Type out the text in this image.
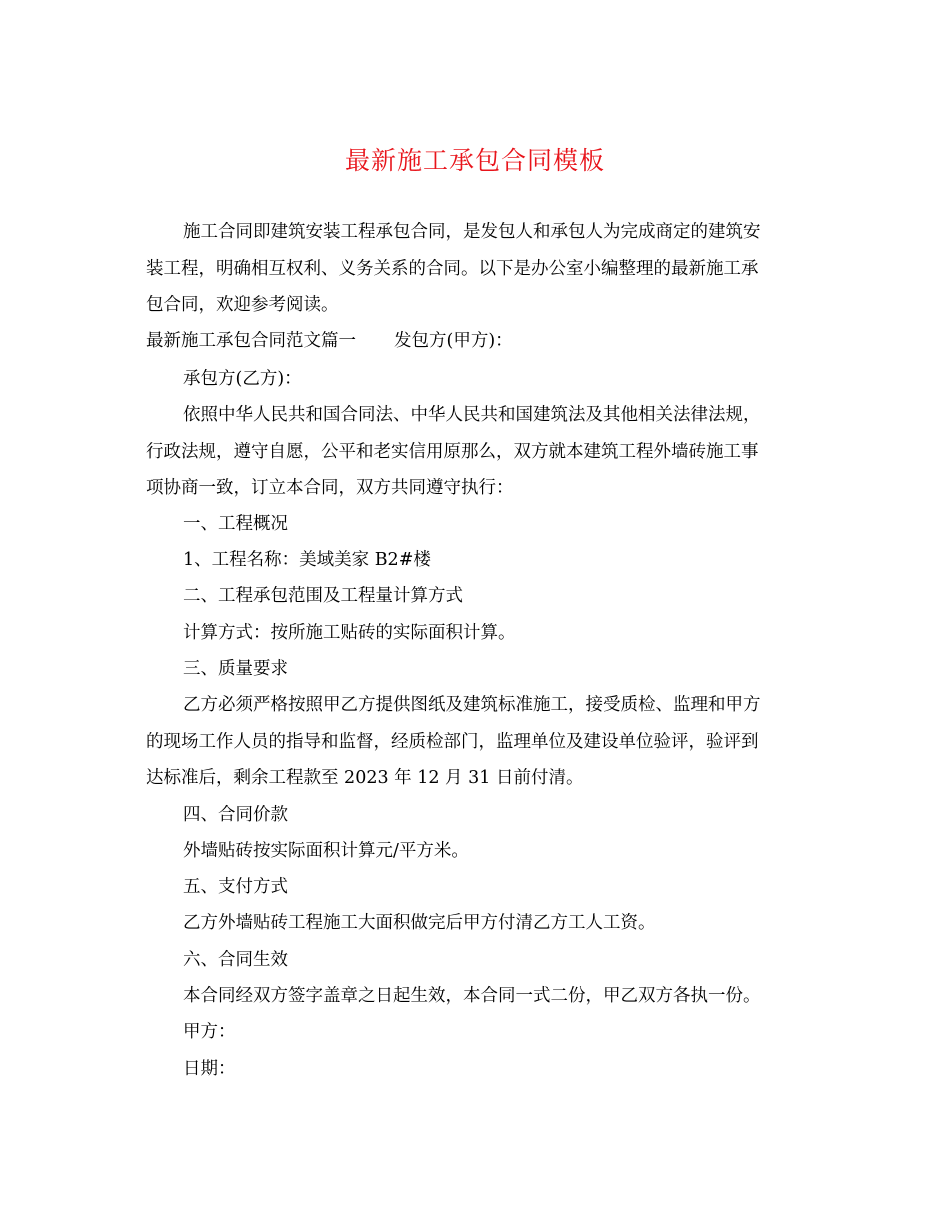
最新施工承包合同模板
施工合同即建筑安装工程承包合同，是发包人和承包人为完成商定的建筑安
装工程，明确相互权利、义务关系的合同。以下是办公室小编整理的最新施工承
包合同，欢迎参考阅读。
最新施工承包合同范文篇一 发包方(甲方)：
承包方(乙方)：
依照中华人民共和国合同法、中华人民共和国建筑法及其他相关法律法规，
行政法规，遵守自愿，公平和老实信用原那么，双方就本建筑工程外墙砖施工事
项协商一致，订立本合同，双方共同遵守执行：
一、工程概况
1、工程名称：美域美家 B2#楼
二、工程承包范围及工程量计算方式
计算方式：按所施工贴砖的实际面积计算。
三、质量要求
乙方必须严格按照甲乙方提供图纸及建筑标准施工，接受质检、监理和甲方
的现场工作人员的指导和监督，经质检部门，监理单位及建设单位验评，验评到
达标准后，剩余工程款至 2023 年 12 月 31 日前付清。
四、合同价款
外墙贴砖按实际面积计算元/平方米。
五、支付方式
乙方外墙贴砖工程施工大面积做完后甲方付清乙方工人工资。
六、合同生效
本合同经双方签字盖章之日起生效，本合同一式二份，甲乙双方各执一份。
甲方：
日期：
